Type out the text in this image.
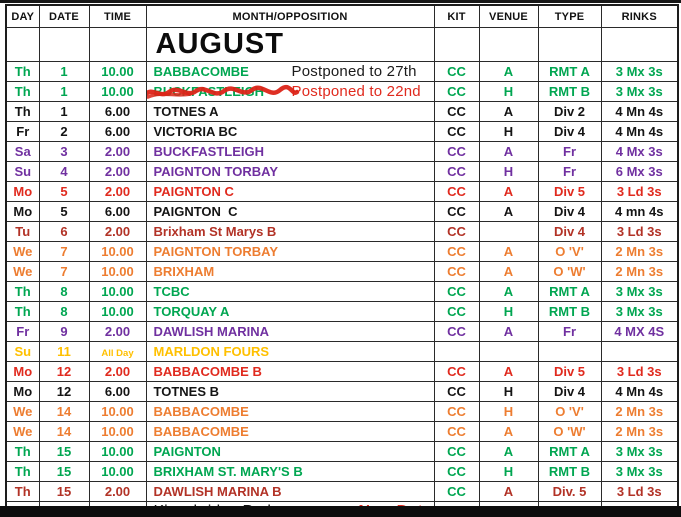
DAY	DATE	TIME	MONTH/OPPOSITION	KIT	VENUE	TYPE	RINKS
			AUGUST				
Th	1	10.00	BABBACOMBE Postponed to 27th	CC	A	RMT A	3 Mx 3s
Th	1	10.00	BUCKFASTLEIGH Postponed to 22nd	CC	H	RMT B	3 Mx 3s
Th	1	6.00	TOTNES A	CC	A	Div 2	4 Mn 4s
Fr	2	6.00	VICTORIA BC	CC	H	Div 4	4 Mn 4s
Sa	3	2.00	BUCKFASTLEIGH	CC	A	Fr	4 Mx 3s
Su	4	2.00	PAIGNTON TORBAY	CC	H	Fr	6 Mx 3s
Mo	5	2.00	PAIGNTON C	CC	A	Div 5	3 Ld 3s
Mo	5	6.00	PAIGNTON  C	CC	A	Div 4	4 mn 4s
Tu	6	2.00	Brixham St Marys B	CC		Div 4	3 Ld 3s
We	7	10.00	PAIGNTON TORBAY	CC	A	O 'V'	2 Mn 3s
We	7	10.00	BRIXHAM	CC	A	O 'W'	2 Mn 3s
Th	8	10.00	TCBC	CC	A	RMT A	3 Mx 3s
Th	8	10.00	TORQUAY A	CC	H	RMT B	3 Mx 3s
Fr	9	2.00	DAWLISH MARINA	CC	A	Fr	4 MX 4S
Su	11	All Day	MARLDON FOURS				
Mo	12	2.00	BABBACOMBE B	CC	A	Div 5	3 Ld 3s
Mo	12	6.00	TOTNES B	CC	H	Div 4	4 Mn 4s
We	14	10.00	BABBACOMBE	CC	H	O 'V'	2 Mn 3s
We	14	10.00	BABBACOMBE	CC	A	O 'W'	2 Mn 3s
Th	15	10.00	PAIGNTON	CC	A	RMT A	3 Mx 3s
Th	15	10.00	BRIXHAM ST. MARY'S B	CC	H	RMT B	3 Mx 3s
Th	15	2.00	DAWLISH MARINA B	CC	A	Div. 5	3 Ld 3s
